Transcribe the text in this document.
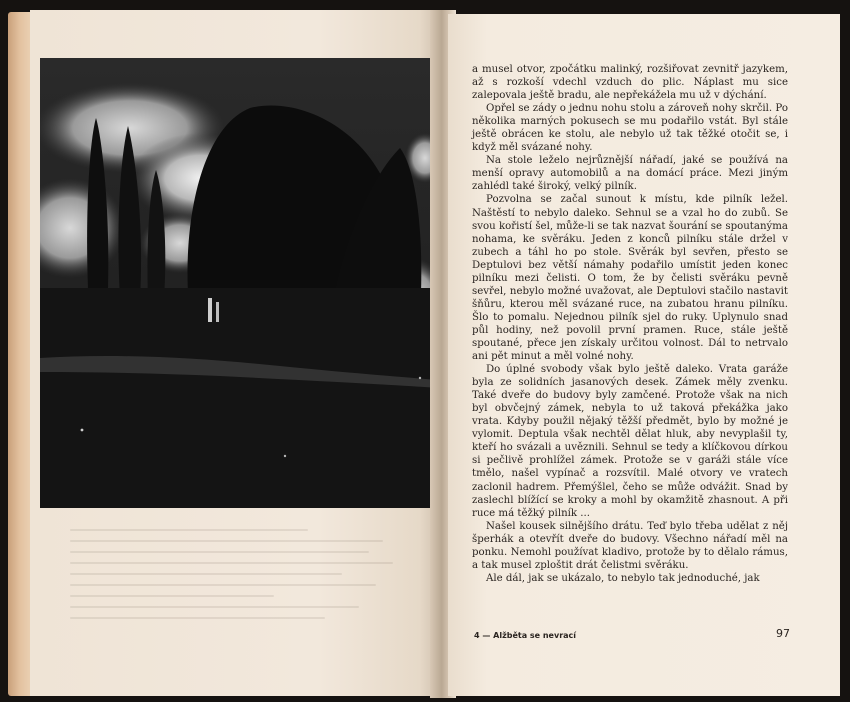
a musel otvor, zpočátku malinký, rozšiřovat zevnitř jazykem, až s rozkoší vdechl vzduch do plic. Náplast mu sice zalepovala ještě bradu, ale nepřekážela mu už v dýchání.

Opřel se zády o jednu nohu stolu a zároveň nohy skrčil. Po několika marných pokusech se mu podařilo vstát. Byl stále ještě obrácen ke stolu, ale nebylo už tak těžké otočit se, i když měl svázané nohy.

Na stole leželo nejrůznější nářadí, jaké se používá na menší opravy automobilů a na domácí práce. Mezi jiným zahlédl také široký, velký pilník.

Pozvolna se začal sunout k místu, kde pilník ležel. Naštěstí to nebylo daleko. Sehnul se a vzal ho do zubů. Se svou kořistí šel, může-li se tak nazvat šourání se spoutanýma nohama, ke svěráku. Jeden z konců pilníku stále držel v zubech a táhl ho po stole. Svěrák byl sevřen, přesto se Deptulovi bez větší námahy podařilo umístit jeden konec pilníku mezi čelisti. O tom, že by čelisti svěráku pevně sevřel, nebylo možné uvažovat, ale Deptulovi stačilo nastavit šňůru, kterou měl svázané ruce, na zubatou hranu pilníku. Šlo to pomalu. Nejednou pilník sjel do ruky. Uplynulo snad půl hodiny, než povolil první pramen. Ruce, stále ještě spoutané, přece jen získaly určitou volnost. Dál to netrvalo ani pět minut a měl volné nohy.

Do úplné svobody však bylo ještě daleko. Vrata garáže byla ze solidních jasanových desek. Zámek měly zvenku. Také dveře do budovy byly zamčené. Protože však na nich byl obvčejný zámek, nebyla to už taková překážka jako vrata. Kdyby použil nějaký těžší předmět, bylo by možné je vylomit. Deptula však nechtěl dělat hluk, aby nevyplašil ty, kteří ho svázali a uvěznili. Sehnul se tedy a klíčkovou dírkou si pečlivě prohlížel zámek. Protože se v garáži stále více tmělo, našel vypínač a rozsvítil. Malé otvory ve vratech zaclonil hadrem. Přemýšlel, čeho se může odvážit. Snad by zaslechl blížící se kroky a mohl by okamžitě zhasnout. A při ruce má těžký pilník ...

Našel kousek silnějšího drátu. Teď bylo třeba udělat z něj šperhák a otevřít dveře do budovy. Všechno nářadí měl na ponku. Nemohl používat kladivo, protože by to dělalo rámus, a tak musel zploštit drát čelistmi svěráku.

Ale dál, jak se ukázalo, to nebylo tak jednoduché, jak

4 — Alžběta se nevrací	97
